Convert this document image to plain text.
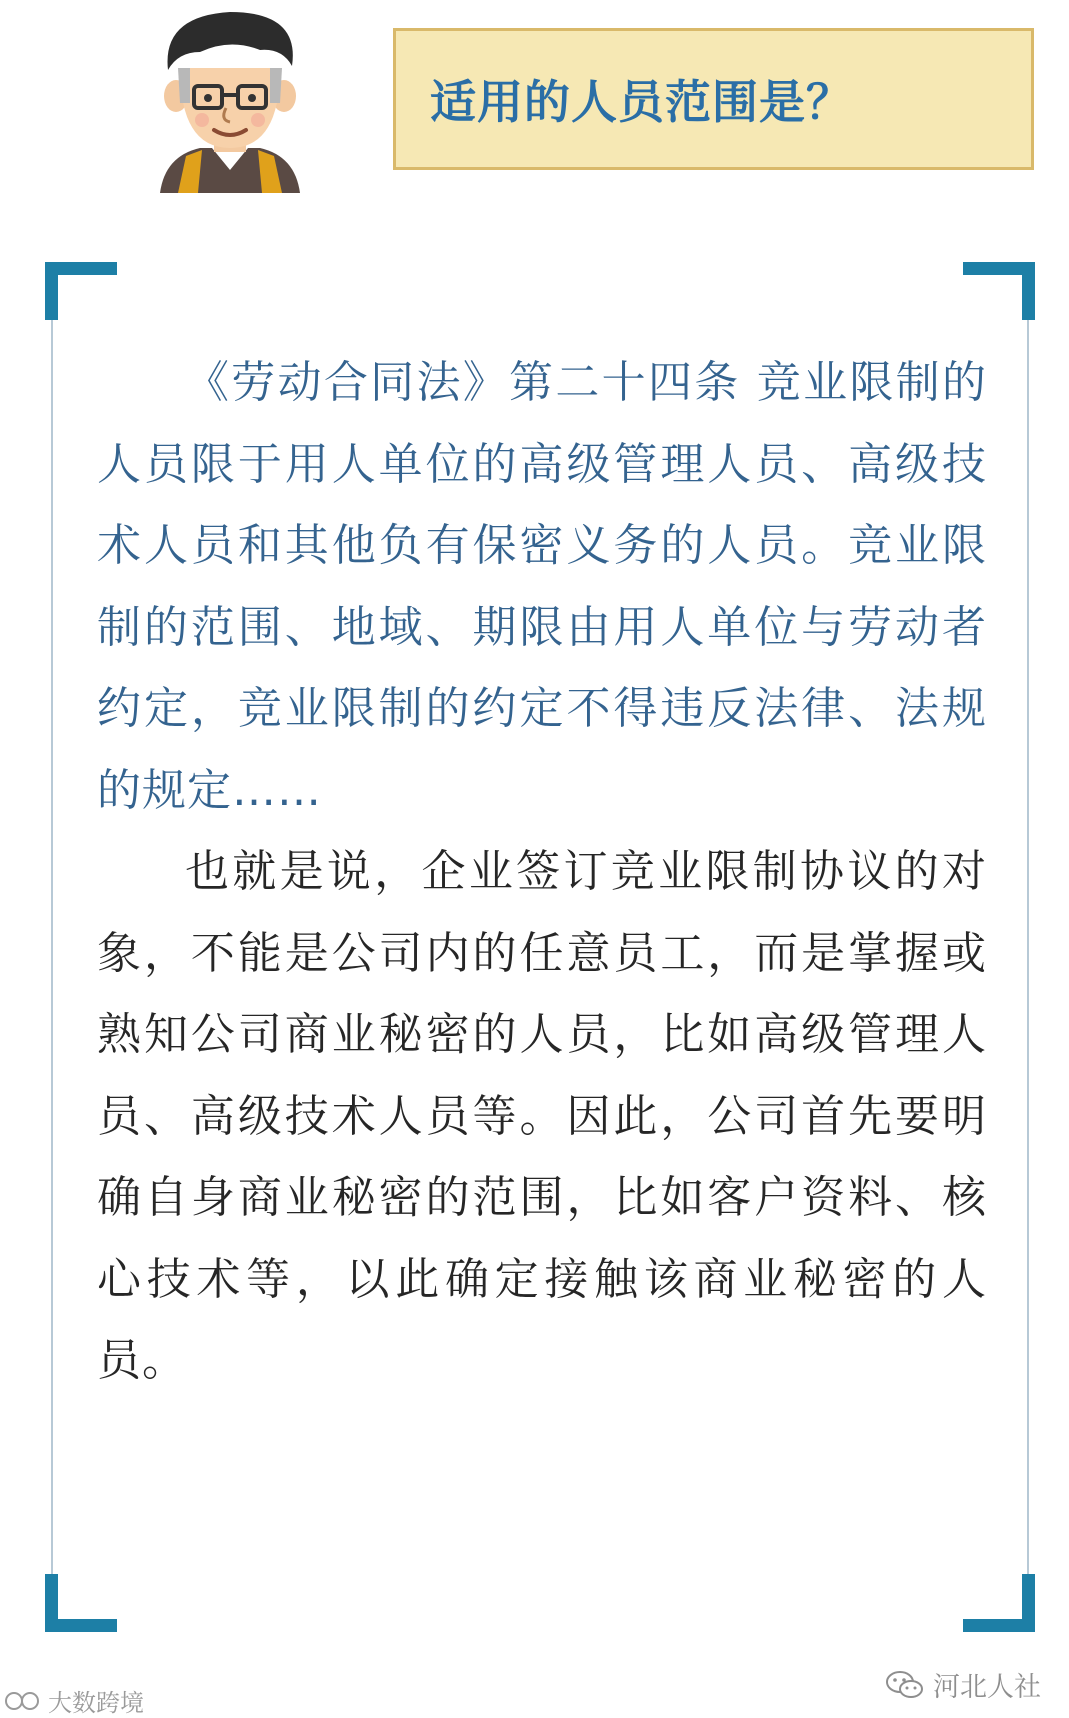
适用的人员范围是？

《劳动合同法》第二十四条 竞业限制的人员限于用人单位的高级管理人员、高级技术人员和其他负有保密义务的人员。竞业限制的范围、地域、期限由用人单位与劳动者约定，竞业限制的约定不得违反法律、法规的规定……

也就是说，企业签订竞业限制协议的对象，不能是公司内的任意员工，而是掌握或熟知公司商业秘密的人员，比如高级管理人员、高级技术人员等。因此，公司首先要明确自身商业秘密的范围，比如客户资料、核心技术等，以此确定接触该商业秘密的人员。

大数跨境	河北人社
